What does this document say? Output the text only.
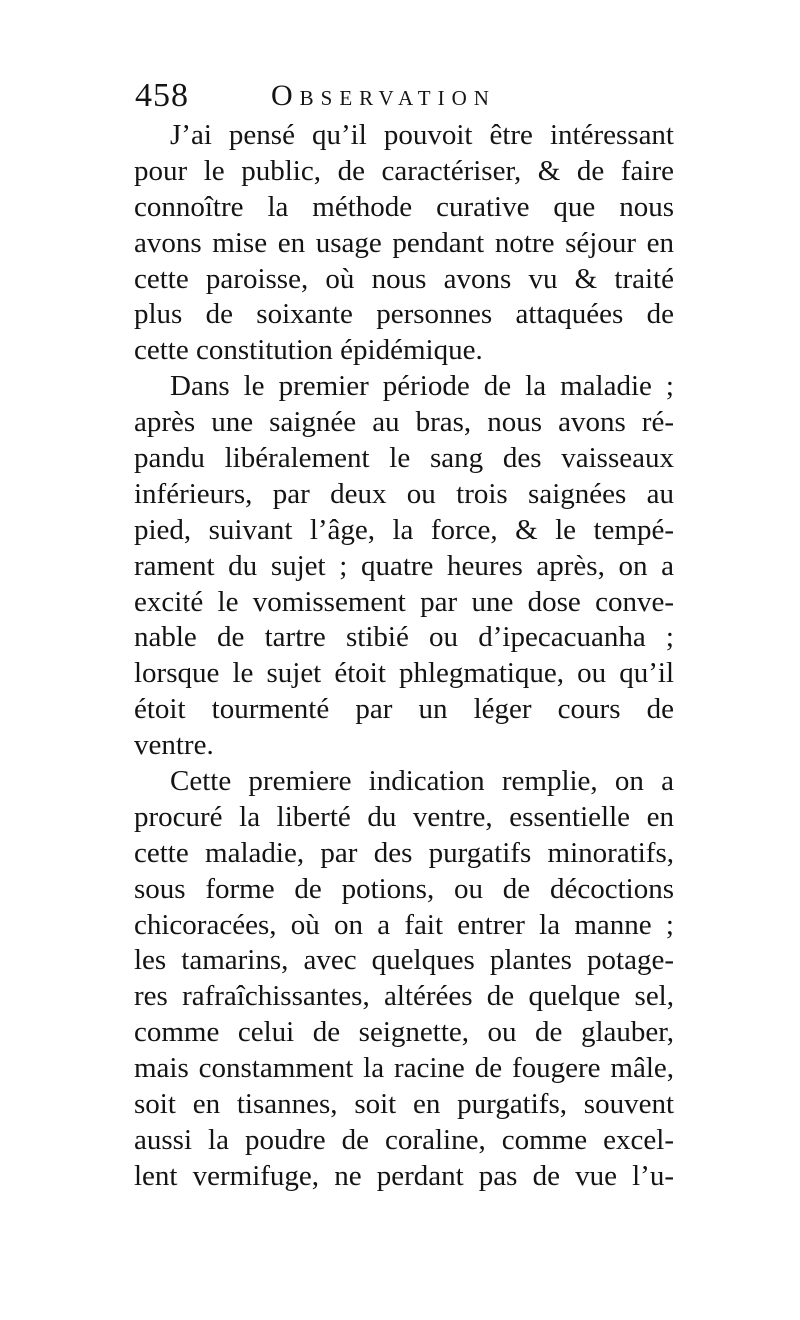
458	Observation
J’ai pensé qu’il pouvoit être intéressant
pour le public, de caractériser, & de faire
connoître la méthode curative que nous
avons mise en usage pendant notre séjour en
cette paroisse, où nous avons vu & traité
plus de soixante personnes attaquées de
cette constitution épidémique.
Dans le premier période de la maladie ;
après une saignée au bras, nous avons ré-
pandu libéralement le sang des vaisseaux
inférieurs, par deux ou trois saignées au
pied, suivant l’âge, la force, & le tempé-
rament du sujet ; quatre heures après, on a
excité le vomissement par une dose conve-
nable de tartre stibié ou d’ipecacuanha ;
lorsque le sujet étoit phlegmatique, ou qu’il
étoit tourmenté par un léger cours de
ventre.
Cette premiere indication remplie, on a
procuré la liberté du ventre, essentielle en
cette maladie, par des purgatifs minoratifs,
sous forme de potions, ou de décoctions
chicoracées, où on a fait entrer la manne ;
les tamarins, avec quelques plantes potage-
res rafraîchissantes, altérées de quelque sel,
comme celui de seignette, ou de glauber,
mais constamment la racine de fougere mâle,
soit en tisannes, soit en purgatifs, souvent
aussi la poudre de coraline, comme excel-
lent vermifuge, ne perdant pas de vue l’u-
